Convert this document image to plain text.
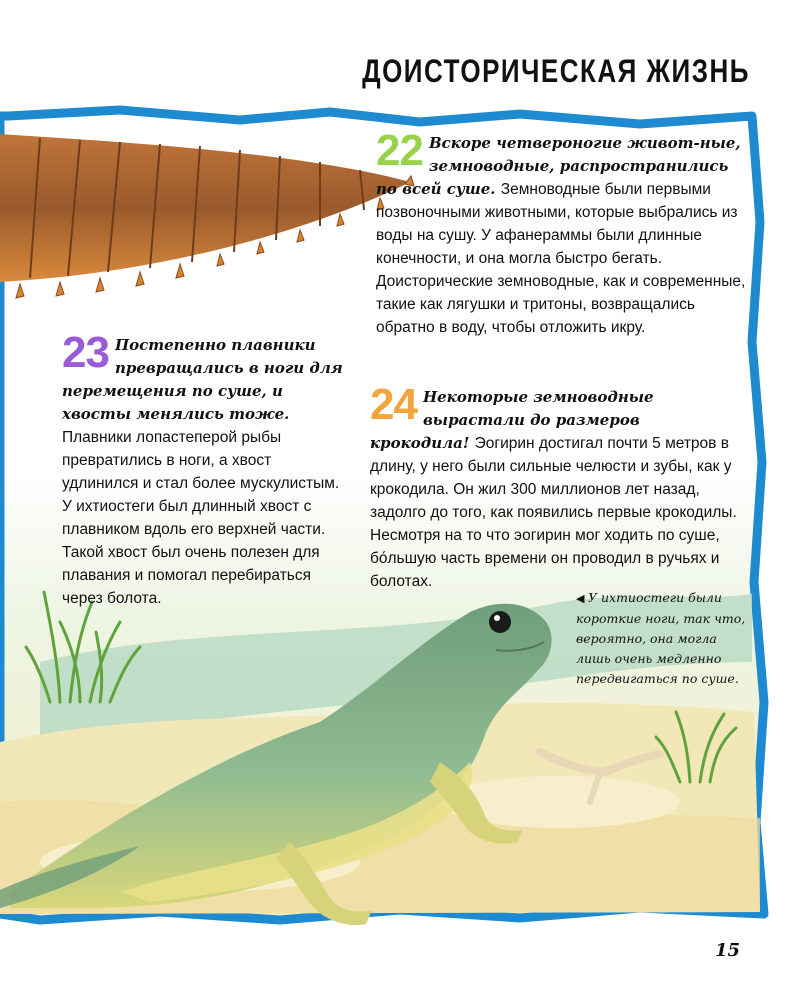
ДОИСТОРИЧЕСКАЯ ЖИЗНЬ
22 Вскоре четвероногие живот-ные, земноводные, распространились по всей суше. Земноводные были первыми позвоночными животными, которые выбрались из воды на сушу. У афанераммы были длинные конечности, и она могла быстро бегать. Доисторические земноводные, как и современные, такие как лягушки и тритоны, возвращались обратно в воду, чтобы отложить икру.
23 Постепенно плавники превращались в ноги для перемещения по суше, и хвосты менялись тоже. Плавники лопастеперой рыбы превратились в ноги, а хвост удлинился и стал более мускулистым. У ихтиостеги был длинный хвост с плавником вдоль его верхней части. Такой хвост был очень полезен для плавания и помогал перебираться через болота.
24 Некоторые земноводные вырастали до размеров крокодила! Эогирин достигал почти 5 метров в длину, у него были сильные челюсти и зубы, как у крокодила. Он жил 300 миллионов лет назад, задолго до того, как появились первые крокодилы. Несмотря на то что эогирин мог ходить по суше, бо́льшую часть времени он проводил в ручьях и болотах.
◀ У ихтиостеги были короткие ноги, так что, вероятно, она могла лишь очень медленно передвигаться по суше.
15
